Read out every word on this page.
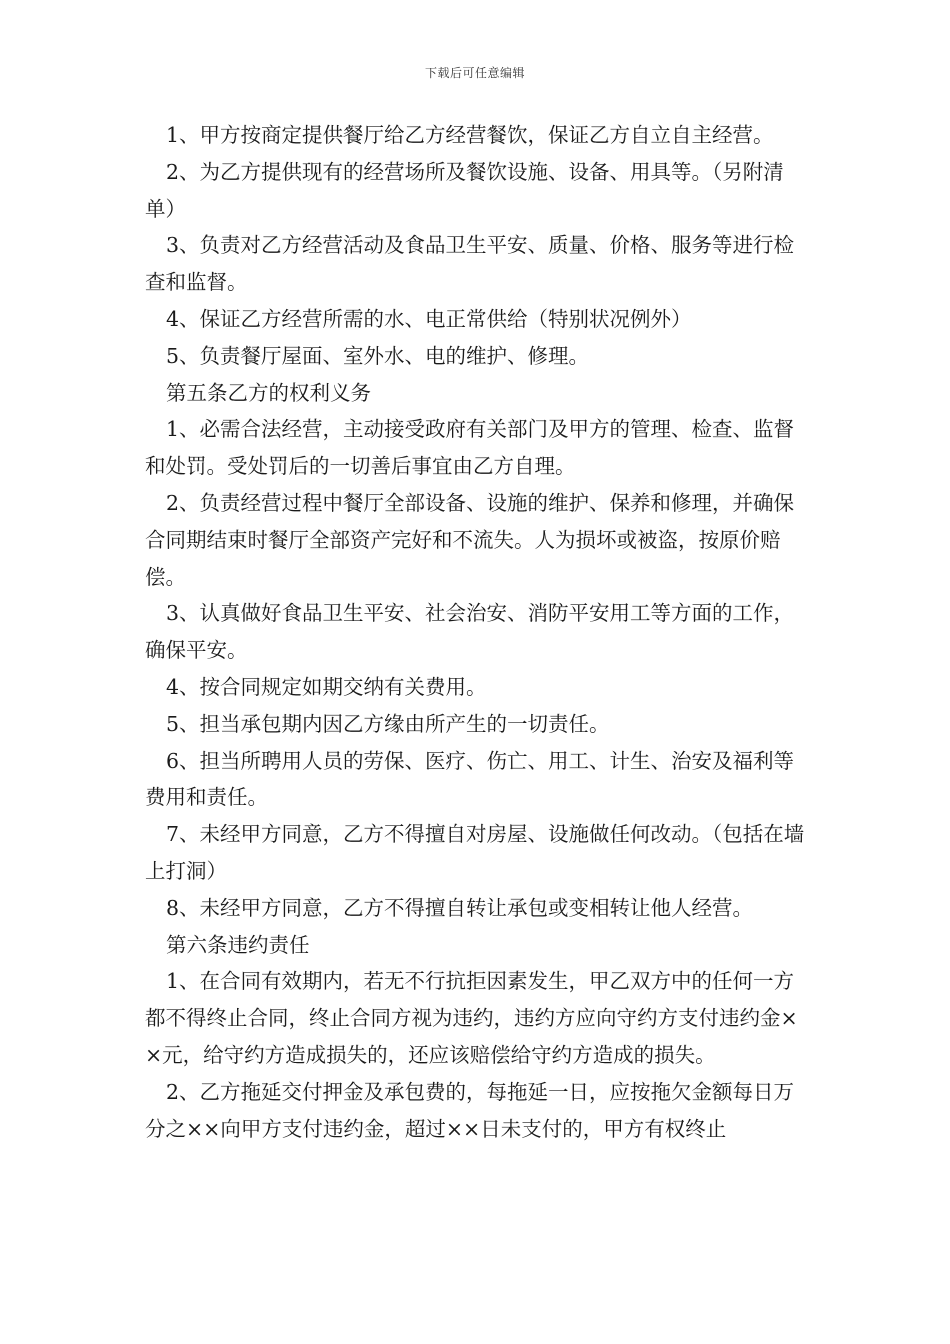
下载后可任意编辑

1、甲方按商定提供餐厅给乙方经营餐饮，保证乙方自立自主经营。

2、为乙方提供现有的经营场所及餐饮设施、设备、用具等。（另附清单）

3、负责对乙方经营活动及食品卫生平安、质量、价格、服务等进行检查和监督。

4、保证乙方经营所需的水、电正常供给（特别状况例外）

5、负责餐厅屋面、室外水、电的维护、修理。

第五条乙方的权利义务

1、必需合法经营，主动接受政府有关部门及甲方的管理、检查、监督和处罚。受处罚后的一切善后事宜由乙方自理。

2、负责经营过程中餐厅全部设备、设施的维护、保养和修理，并确保合同期结束时餐厅全部资产完好和不流失。人为损坏或被盗，按原价赔偿。

3、认真做好食品卫生平安、社会治安、消防平安用工等方面的工作，确保平安。

4、按合同规定如期交纳有关费用。

5、担当承包期内因乙方缘由所产生的一切责任。

6、担当所聘用人员的劳保、医疗、伤亡、用工、计生、治安及福利等费用和责任。

7、未经甲方同意，乙方不得擅自对房屋、设施做任何改动。（包括在墙上打洞）

8、未经甲方同意，乙方不得擅自转让承包或变相转让他人经营。

第六条违约责任

1、在合同有效期内，若无不行抗拒因素发生，甲乙双方中的任何一方都不得终止合同，终止合同方视为违约，违约方应向守约方支付违约金××元，给守约方造成损失的，还应该赔偿给守约方造成的损失。

2、乙方拖延交付押金及承包费的，每拖延一日，应按拖欠金额每日万分之××向甲方支付违约金，超过××日未支付的，甲方有权终止
